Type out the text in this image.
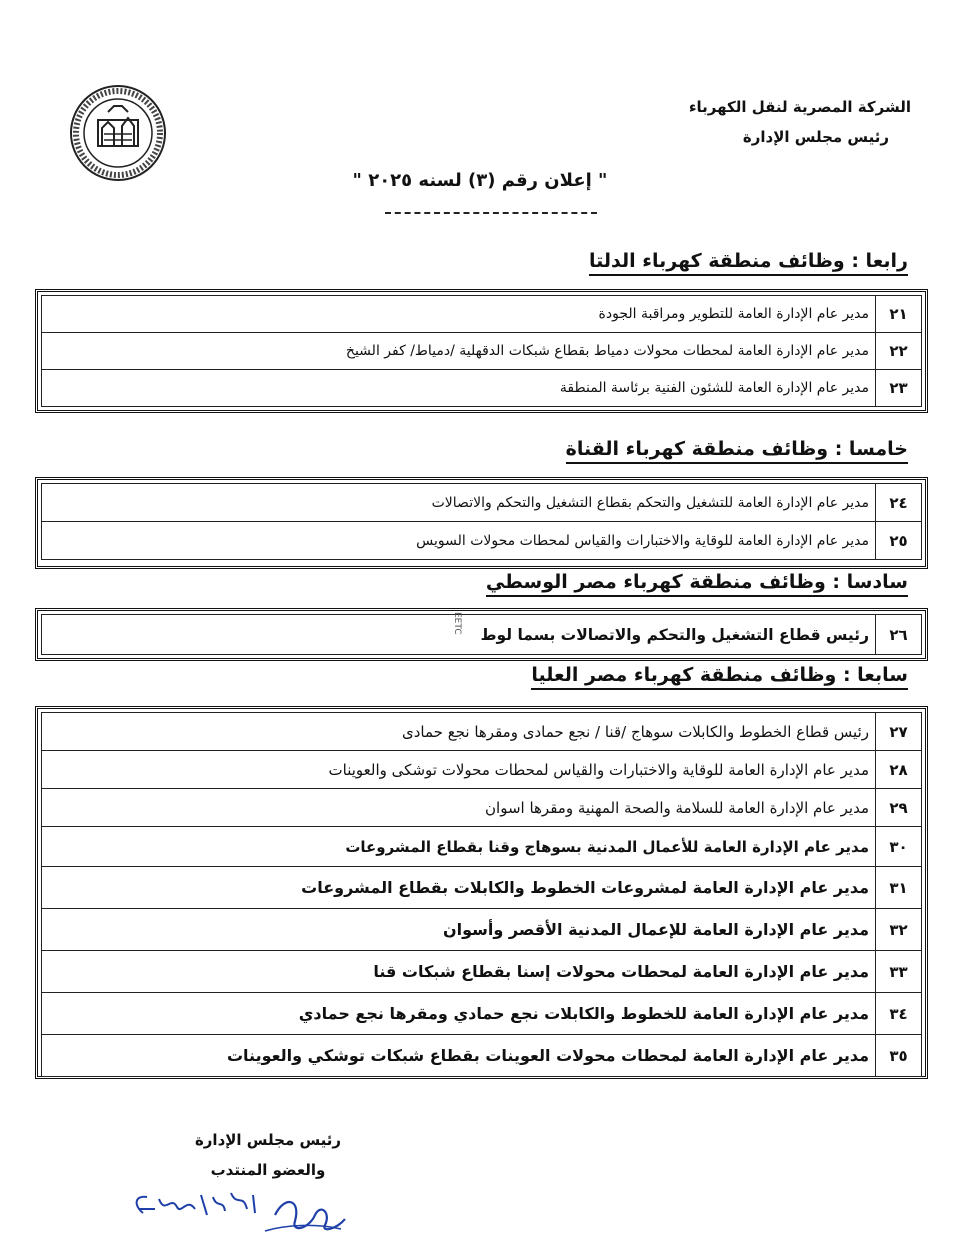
الشركة المصرية لنقل الكهرباء
رئيس مجلس الإدارة
" إعلان رقم (٣) لسنه ٢٠٢٥ "
رابعا : وظائف منطقة كهرباء الدلتا
٢١	مدير عام الإدارة العامة للتطوير ومراقبة الجودة
٢٢	مدير عام الإدارة العامة لمحطات محولات دمياط بقطاع شبكات الدقهلية /دمياط/ كفر الشيخ
٢٣	مدير عام الإدارة العامة للشئون الفنية برئاسة المنطقة
خامسا : وظائف منطقة كهرباء القناة
٢٤	مدير عام الإدارة العامة للتشغيل والتحكم بقطاع التشغيل والتحكم والاتصالات
٢٥	مدير عام الإدارة العامة للوقاية والاختبارات والقياس لمحطات محولات السويس
سادسا : وظائف منطقة كهرباء مصر الوسطي
٢٦	رئيس قطاع التشغيل والتحكم والاتصالات بسما لوط
EETC
سابعا : وظائف منطقة كهرباء مصر العليا
٢٧	رئيس قطاع الخطوط والكابلات سوهاج /قنا / نجع حمادى ومقرها نجع حمادى
٢٨	مدير عام الإدارة العامة للوقاية والاختبارات والقياس لمحطات محولات توشكى والعوينات
٢٩	مدير عام الإدارة العامة للسلامة والصحة المهنية ومقرها اسوان
٣٠	مدير عام الإدارة العامة للأعمال المدنية بسوهاج وقنا بقطاع المشروعات
٣١	مدير عام الإدارة العامة لمشروعات الخطوط والكابلات بقطاع المشروعات
٣٢	مدير عام الإدارة العامة للإعمال المدنية الأقصر وأسوان
٣٣	مدير عام الإدارة العامة لمحطات محولات إسنا بقطاع شبكات قنا
٣٤	مدير عام الإدارة العامة للخطوط والكابلات نجع حمادي ومقرها نجع حمادي
٣٥	مدير عام الإدارة العامة لمحطات محولات العوينات بقطاع شبكات توشكي والعوينات
رئيس مجلس الإدارة
والعضو المنتدب
